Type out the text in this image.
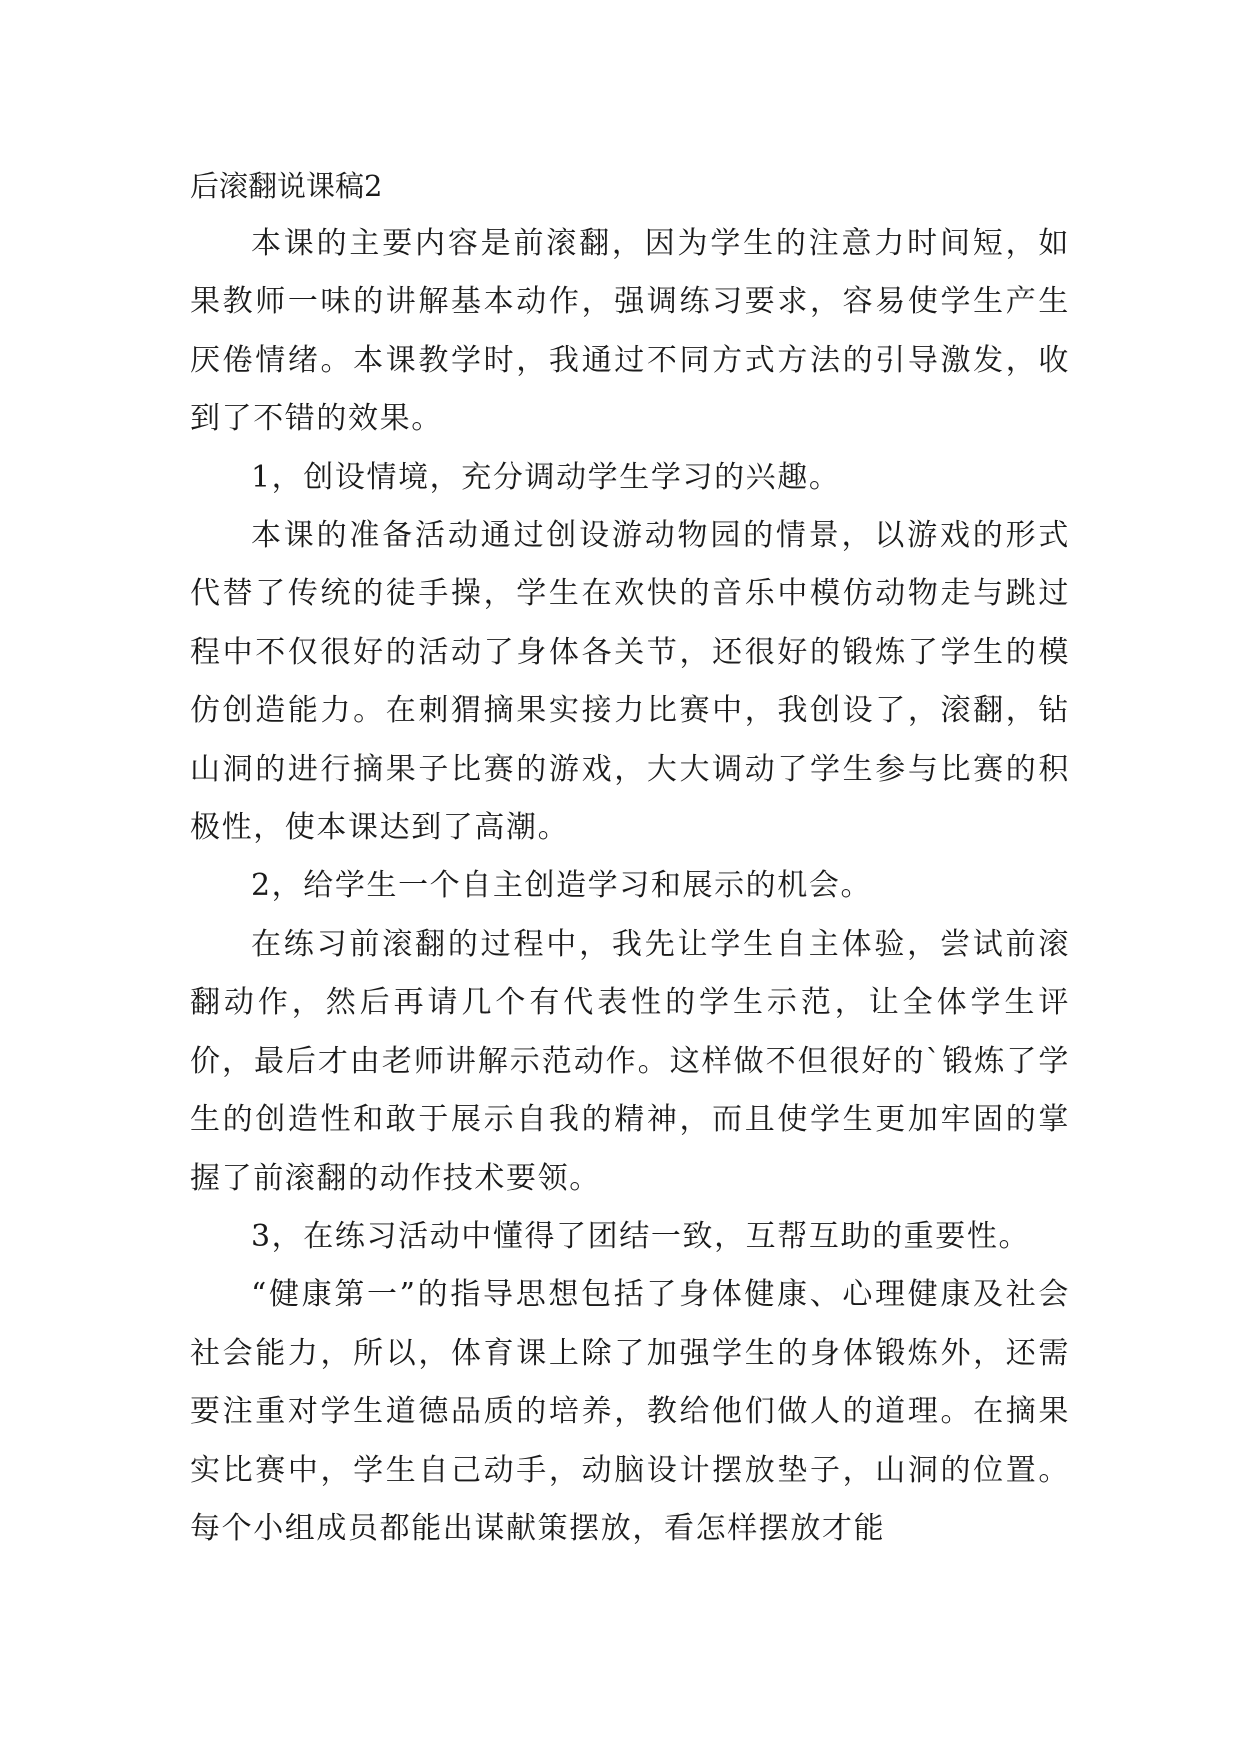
后滚翻说课稿2

本课的主要内容是前滚翻，因为学生的注意力时间短，如果教师一味的讲解基本动作，强调练习要求，容易使学生产生厌倦情绪。本课教学时，我通过不同方式方法的引导激发，收到了不错的效果。

1，创设情境，充分调动学生学习的兴趣。

本课的准备活动通过创设游动物园的情景，以游戏的形式代替了传统的徒手操，学生在欢快的音乐中模仿动物走与跳过程中不仅很好的活动了身体各关节，还很好的锻炼了学生的模仿创造能力。在刺猬摘果实接力比赛中，我创设了，滚翻，钻山洞的进行摘果子比赛的游戏，大大调动了学生参与比赛的积极性，使本课达到了高潮。

2，给学生一个自主创造学习和展示的机会。

在练习前滚翻的过程中，我先让学生自主体验，尝试前滚翻动作，然后再请几个有代表性的学生示范，让全体学生评价，最后才由老师讲解示范动作。这样做不但很好的`锻炼了学生的创造性和敢于展示自我的精神，而且使学生更加牢固的掌握了前滚翻的动作技术要领。

3，在练习活动中懂得了团结一致，互帮互助的重要性。

“健康第一”的指导思想包括了身体健康、心理健康及社会社会能力，所以，体育课上除了加强学生的身体锻炼外，还需要注重对学生道德品质的培养，教给他们做人的道理。在摘果实比赛中，学生自己动手，动脑设计摆放垫子，山洞的位置。每个小组成员都能出谋献策摆放，看怎样摆放才能
